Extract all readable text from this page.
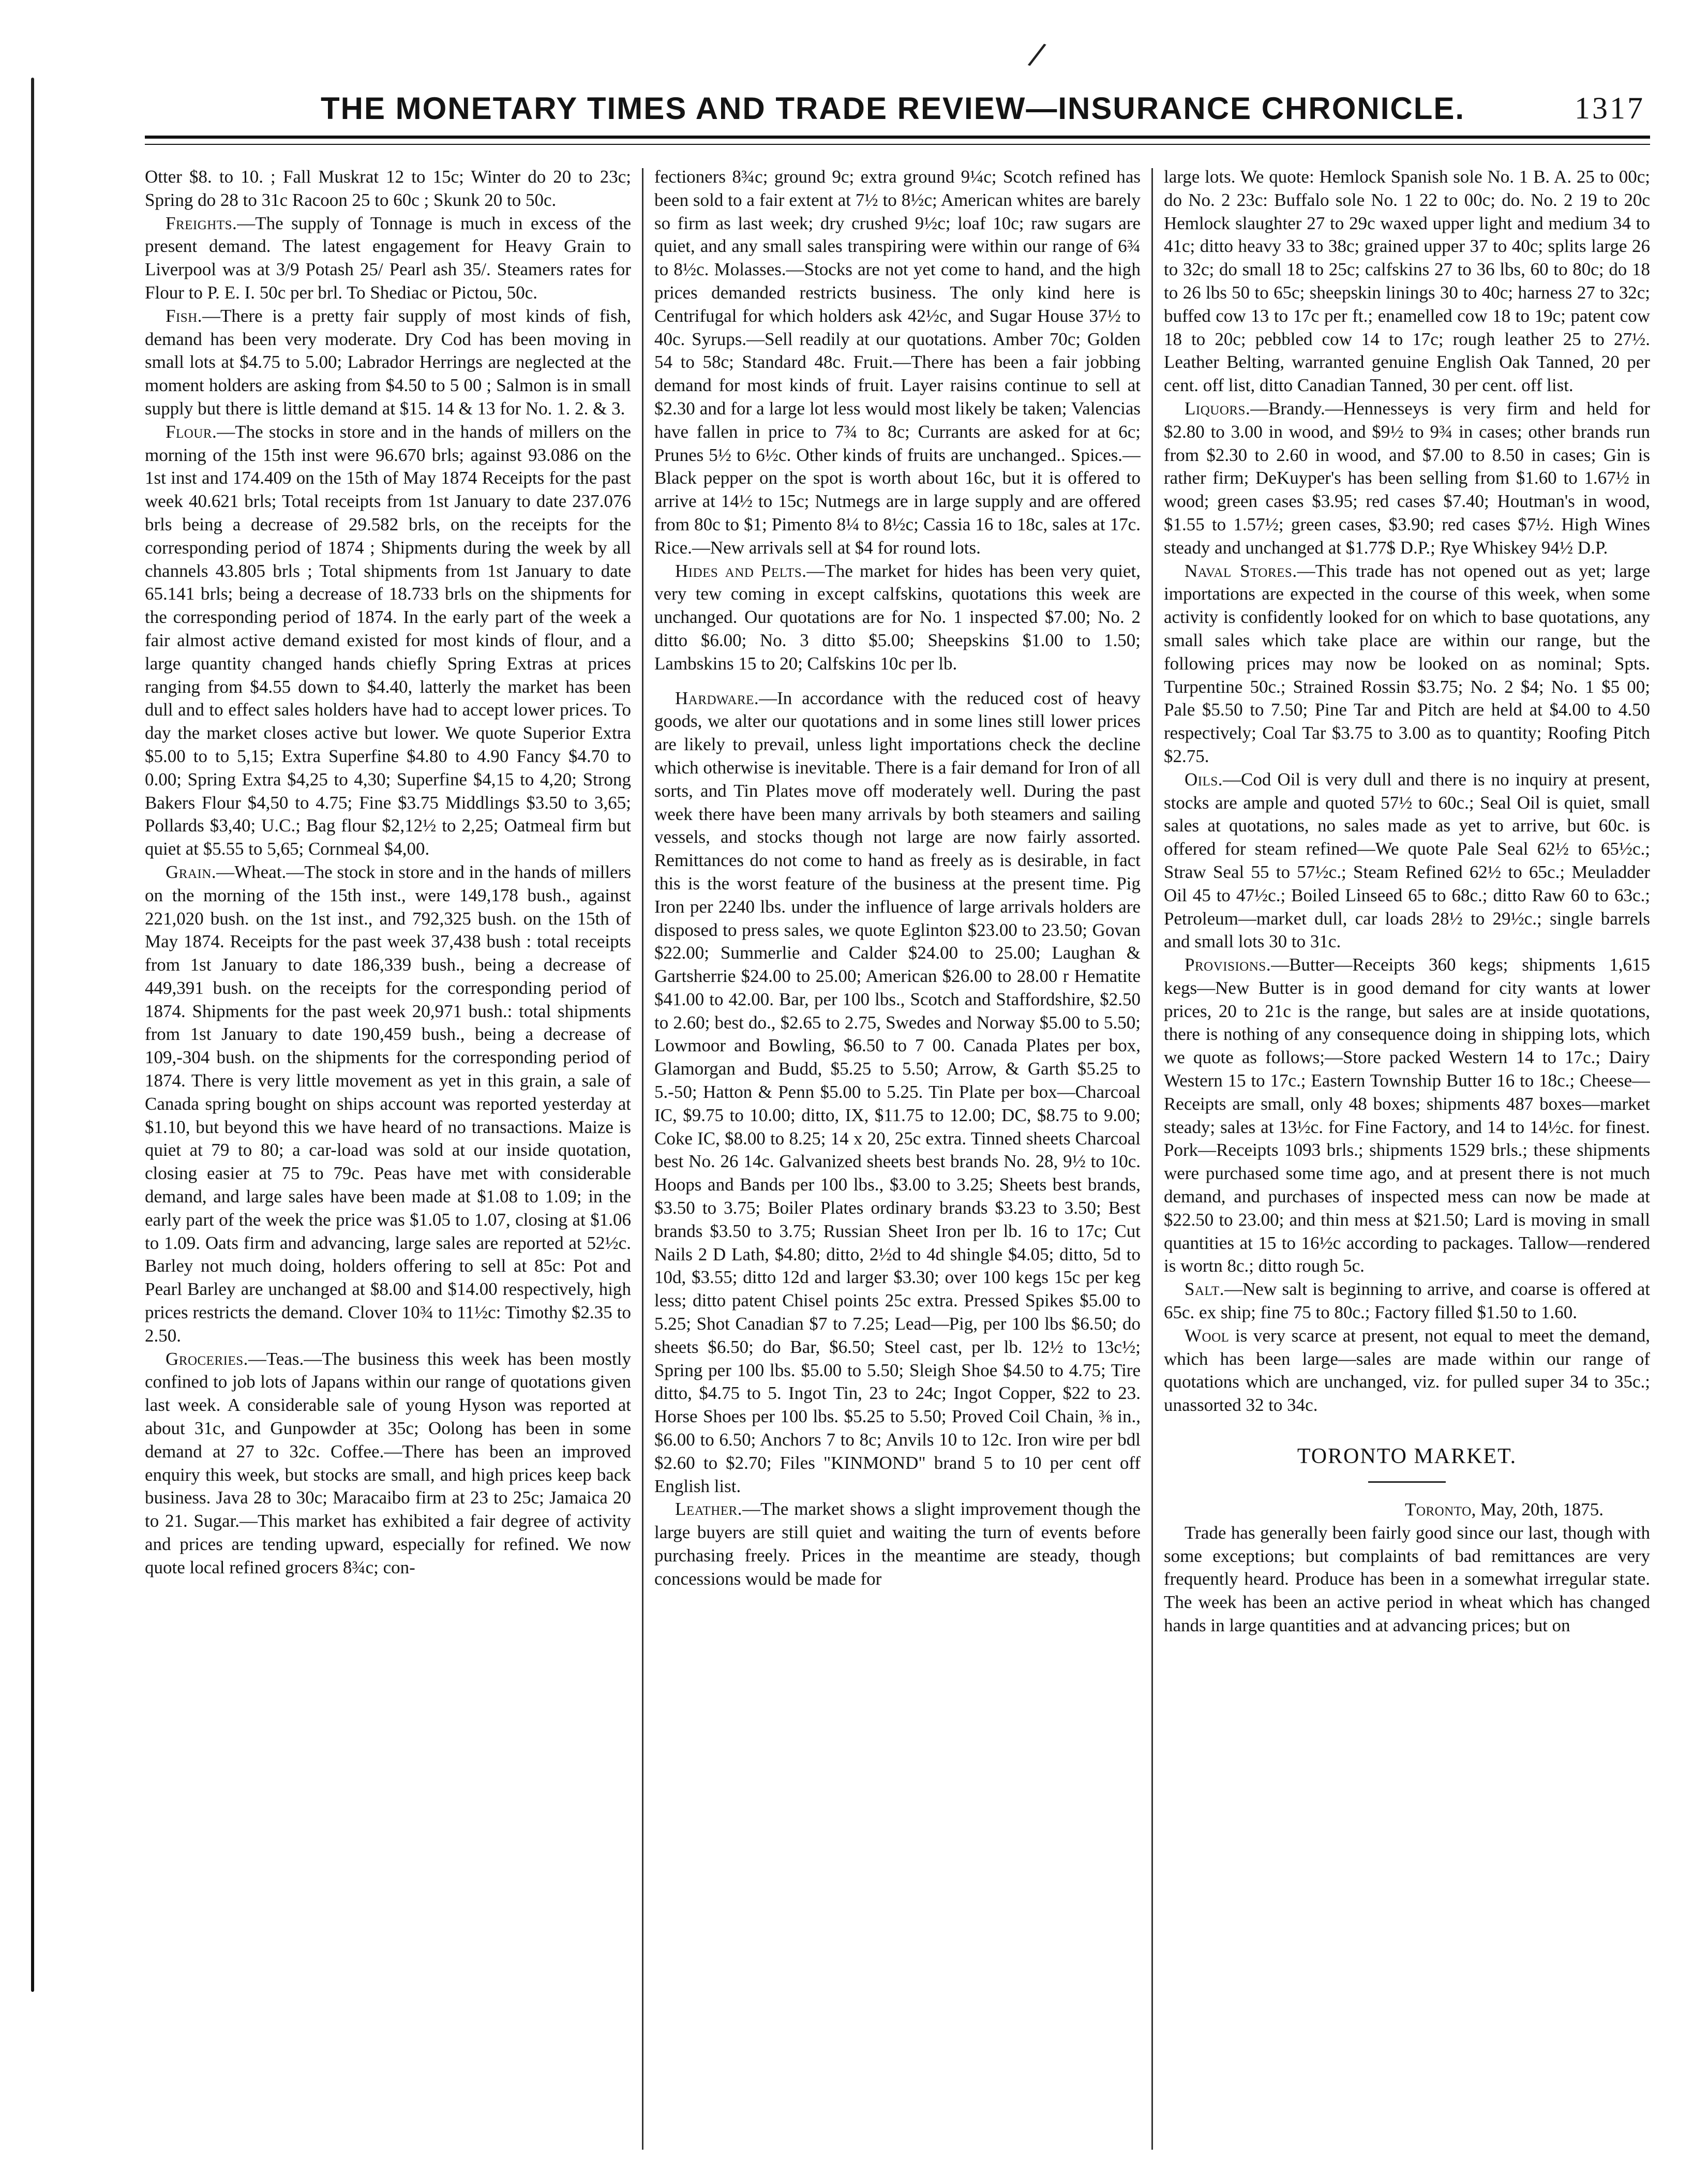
/
THE MONETARY TIMES AND TRADE REVIEW—INSURANCE CHRONICLE.	1317

Otter $8. to 10. ; Fall Muskrat 12 to 15c; Winter do 20 to 23c; Spring do 28 to 31c Racoon 25 to 60c ; Skunk 20 to 50c.

Freights.—The supply of Tonnage is much in excess of the present demand. The latest engagement for Heavy Grain to Liverpool was at 3/9 Potash 25/ Pearl ash 35/. Steamers rates for Flour to P. E. I. 50c per brl. To Shediac or Pictou, 50c.

Fish.—There is a pretty fair supply of most kinds of fish, demand has been very moderate. Dry Cod has been moving in small lots at $4.75 to 5.00; Labrador Herrings are neglected at the moment holders are asking from $4.50 to 5 00 ; Salmon is in small supply but there is little demand at $15. 14 & 13 for No. 1. 2. & 3.

Flour.—The stocks in store and in the hands of millers on the morning of the 15th inst were 96.670 brls; against 93.086 on the 1st inst and 174.409 on the 15th of May 1874 Receipts for the past week 40.621 brls; Total receipts from 1st January to date 237.076 brls being a decrease of 29.582 brls, on the receipts for the corresponding period of 1874 ; Shipments during the week by all channels 43.805 brls ; Total shipments from 1st January to date 65.141 brls; being a decrease of 18.733 brls on the shipments for the corresponding period of 1874. In the early part of the week a fair almost active demand existed for most kinds of flour, and a large quantity changed hands chiefly Spring Extras at prices ranging from $4.55 down to $4.40, latterly the market has been dull and to effect sales holders have had to accept lower prices. To day the market closes active but lower. We quote Superior Extra $5.00 to to 5,15; Extra Superfine $4.80 to 4.90 Fancy $4.70 to 0.00; Spring Extra $4,25 to 4,30; Superfine $4,15 to 4,20; Strong Bakers Flour $4,50 to 4.75; Fine $3.75 Middlings $3.50 to 3,65; Pollards $3,40; U.C.; Bag flour $2,12½ to 2,25; Oatmeal firm but quiet at $5.55 to 5,65; Cornmeal $4,00.

Grain.—Wheat.—The stock in store and in the hands of millers on the morning of the 15th inst., were 149,178 bush., against 221,020 bush. on the 1st inst., and 792,325 bush. on the 15th of May 1874. Receipts for the past week 37,438 bush : total receipts from 1st January to date 186,339 bush., being a decrease of 449,391 bush. on the receipts for the corresponding period of 1874. Shipments for the past week 20,971 bush.: total shipments from 1st January to date 190,459 bush., being a decrease of 109,-304 bush. on the shipments for the corresponding period of 1874. There is very little movement as yet in this grain, a sale of Canada spring bought on ships account was reported yesterday at $1.10, but beyond this we have heard of no transactions. Maize is quiet at 79 to 80; a car-load was sold at our inside quotation, closing easier at 75 to 79c. Peas have met with considerable demand, and large sales have been made at $1.08 to 1.09; in the early part of the week the price was $1.05 to 1.07, closing at $1.06 to 1.09. Oats firm and advancing, large sales are reported at 52½c. Barley not much doing, holders offering to sell at 85c: Pot and Pearl Barley are unchanged at $8.00 and $14.00 respectively, high prices restricts the demand. Clover 10¾ to 11½c: Timothy $2.35 to 2.50.

Groceries.—Teas.—The business this week has been mostly confined to job lots of Japans within our range of quotations given last week. A considerable sale of young Hyson was reported at about 31c, and Gunpowder at 35c; Oolong has been in some demand at 27 to 32c. Coffee.—There has been an improved enquiry this week, but stocks are small, and high prices keep back business. Java 28 to 30c; Maracaibo firm at 23 to 25c; Jamaica 20 to 21. Sugar.—This market has exhibited a fair degree of activity and prices are tending upward, especially for refined. We now quote local refined grocers 8¾c; con-

fectioners 8¾c; ground 9c; extra ground 9¼c; Scotch refined has been sold to a fair extent at 7½ to 8½c; American whites are barely so firm as last week; dry crushed 9½c; loaf 10c; raw sugars are quiet, and any small sales transpiring were within our range of 6¾ to 8½c. Molasses.—Stocks are not yet come to hand, and the high prices demanded restricts business. The only kind here is Centrifugal for which holders ask 42½c, and Sugar House 37½ to 40c. Syrups.—Sell readily at our quotations. Amber 70c; Golden 54 to 58c; Standard 48c. Fruit.—There has been a fair jobbing demand for most kinds of fruit. Layer raisins continue to sell at $2.30 and for a large lot less would most likely be taken; Valencias have fallen in price to 7¾ to 8c; Currants are asked for at 6c; Prunes 5½ to 6½c. Other kinds of fruits are unchanged.. Spices.—Black pepper on the spot is worth about 16c, but it is offered to arrive at 14½ to 15c; Nutmegs are in large supply and are offered from 80c to $1; Pimento 8¼ to 8½c; Cassia 16 to 18c, sales at 17c. Rice.—New arrivals sell at $4 for round lots.

Hides and Pelts.—The market for hides has been very quiet, very tew coming in except calfskins, quotations this week are unchanged. Our quotations are for No. 1 inspected $7.00; No. 2 ditto $6.00; No. 3 ditto $5.00; Sheepskins $1.00 to 1.50; Lambskins 15 to 20; Calfskins 10c per lb.

Hardware.—In accordance with the reduced cost of heavy goods, we alter our quotations and in some lines still lower prices are likely to prevail, unless light importations check the decline which otherwise is inevitable. There is a fair demand for Iron of all sorts, and Tin Plates move off moderately well. During the past week there have been many arrivals by both steamers and sailing vessels, and stocks though not large are now fairly assorted. Remittances do not come to hand as freely as is desirable, in fact this is the worst feature of the business at the present time. Pig Iron per 2240 lbs. under the influence of large arrivals holders are disposed to press sales, we quote Eglinton $23.00 to 23.50; Govan $22.00; Summerlie and Calder $24.00 to 25.00; Laughan & Gartsherrie $24.00 to 25.00; American $26.00 to 28.00 r Hematite $41.00 to 42.00. Bar, per 100 lbs., Scotch and Staffordshire, $2.50 to 2.60; best do., $2.65 to 2.75, Swedes and Norway $5.00 to 5.50; Lowmoor and Bowling, $6.50 to 7 00. Canada Plates per box, Glamorgan and Budd, $5.25 to 5.50; Arrow, & Garth $5.25 to 5.-50; Hatton & Penn $5.00 to 5.25. Tin Plate per box—Charcoal IC, $9.75 to 10.00; ditto, IX, $11.75 to 12.00; DC, $8.75 to 9.00; Coke IC, $8.00 to 8.25; 14 x 20, 25c extra. Tinned sheets Charcoal best No. 26 14c. Galvanized sheets best brands No. 28, 9½ to 10c. Hoops and Bands per 100 lbs., $3.00 to 3.25; Sheets best brands, $3.50 to 3.75; Boiler Plates ordinary brands $3.23 to 3.50; Best brands $3.50 to 3.75; Russian Sheet Iron per lb. 16 to 17c; Cut Nails 2 D Lath, $4.80; ditto, 2½d to 4d shingle $4.05; ditto, 5d to 10d, $3.55; ditto 12d and larger $3.30; over 100 kegs 15c per keg less; ditto patent Chisel points 25c extra. Pressed Spikes $5.00 to 5.25; Shot Canadian $7 to 7.25; Lead—Pig, per 100 lbs $6.50; do sheets $6.50; do Bar, $6.50; Steel cast, per lb. 12½ to 13c½; Spring per 100 lbs. $5.00 to 5.50; Sleigh Shoe $4.50 to 4.75; Tire ditto, $4.75 to 5. Ingot Tin, 23 to 24c; Ingot Copper, $22 to 23. Horse Shoes per 100 lbs. $5.25 to 5.50; Proved Coil Chain, ⅜ in., $6.00 to 6.50; Anchors 7 to 8c; Anvils 10 to 12c. Iron wire per bdl $2.60 to $2.70; Files "KINMOND" brand 5 to 10 per cent off English list.

Leather.—The market shows a slight improvement though the large buyers are still quiet and waiting the turn of events before purchasing freely. Prices in the meantime are steady, though concessions would be made for

large lots. We quote: Hemlock Spanish sole No. 1 B. A. 25 to 00c; do No. 2 23c: Buffalo sole No. 1 22 to 00c; do. No. 2 19 to 20c Hemlock slaughter 27 to 29c waxed upper light and medium 34 to 41c; ditto heavy 33 to 38c; grained upper 37 to 40c; splits large 26 to 32c; do small 18 to 25c; calfskins 27 to 36 lbs, 60 to 80c; do 18 to 26 lbs 50 to 65c; sheepskin linings 30 to 40c; harness 27 to 32c; buffed cow 13 to 17c per ft.; enamelled cow 18 to 19c; patent cow 18 to 20c; pebbled cow 14 to 17c; rough leather 25 to 27½. Leather Belting, warranted genuine English Oak Tanned, 20 per cent. off list, ditto Canadian Tanned, 30 per cent. off list.

Liquors.—Brandy.—Hennesseys is very firm and held for $2.80 to 3.00 in wood, and $9½ to 9¾ in cases; other brands run from $2.30 to 2.60 in wood, and $7.00 to 8.50 in cases; Gin is rather firm; DeKuyper's has been selling from $1.60 to 1.67½ in wood; green cases $3.95; red cases $7.40; Houtman's in wood, $1.55 to 1.57½; green cases, $3.90; red cases $7½. High Wines steady and unchanged at $1.77$ D.P.; Rye Whiskey 94½ D.P.

Naval Stores.—This trade has not opened out as yet; large importations are expected in the course of this week, when some activity is confidently looked for on which to base quotations, any small sales which take place are within our range, but the following prices may now be looked on as nominal; Spts. Turpentine 50c.; Strained Rossin $3.75; No. 2 $4; No. 1 $5 00; Pale $5.50 to 7.50; Pine Tar and Pitch are held at $4.00 to 4.50 respectively; Coal Tar $3.75 to 3.00 as to quantity; Roofing Pitch $2.75.

Oils.—Cod Oil is very dull and there is no inquiry at present, stocks are ample and quoted 57½ to 60c.; Seal Oil is quiet, small sales at quotations, no sales made as yet to arrive, but 60c. is offered for steam refined—We quote Pale Seal 62½ to 65½c.; Straw Seal 55 to 57½c.; Steam Refined 62½ to 65c.; Meuladder Oil 45 to 47½c.; Boiled Linseed 65 to 68c.; ditto Raw 60 to 63c.; Petroleum—market dull, car loads 28½ to 29½c.; single barrels and small lots 30 to 31c.

Provisions.—Butter—Receipts 360 kegs; shipments 1,615 kegs—New Butter is in good demand for city wants at lower prices, 20 to 21c is the range, but sales are at inside quotations, there is nothing of any consequence doing in shipping lots, which we quote as follows;—Store packed Western 14 to 17c.; Dairy Western 15 to 17c.; Eastern Township Butter 16 to 18c.; Cheese—Receipts are small, only 48 boxes; shipments 487 boxes—market steady; sales at 13½c. for Fine Factory, and 14 to 14½c. for finest. Pork—Receipts 1093 brls.; shipments 1529 brls.; these shipments were purchased some time ago, and at present there is not much demand, and purchases of inspected mess can now be made at $22.50 to 23.00; and thin mess at $21.50; Lard is moving in small quantities at 15 to 16½c according to packages. Tallow—rendered is wortn 8c.; ditto rough 5c.

Salt.—New salt is beginning to arrive, and coarse is offered at 65c. ex ship; fine 75 to 80c.; Factory filled $1.50 to 1.60.

Wool is very scarce at present, not equal to meet the demand, which has been large—sales are made within our range of quotations which are unchanged, viz. for pulled super 34 to 35c.; unassorted 32 to 34c.

TORONTO MARKET.

Toronto, May, 20th, 1875.

Trade has generally been fairly good since our last, though with some exceptions; but complaints of bad remittances are very frequently heard. Produce has been in a somewhat irregular state. The week has been an active period in wheat which has changed hands in large quantities and at advancing prices; but on
